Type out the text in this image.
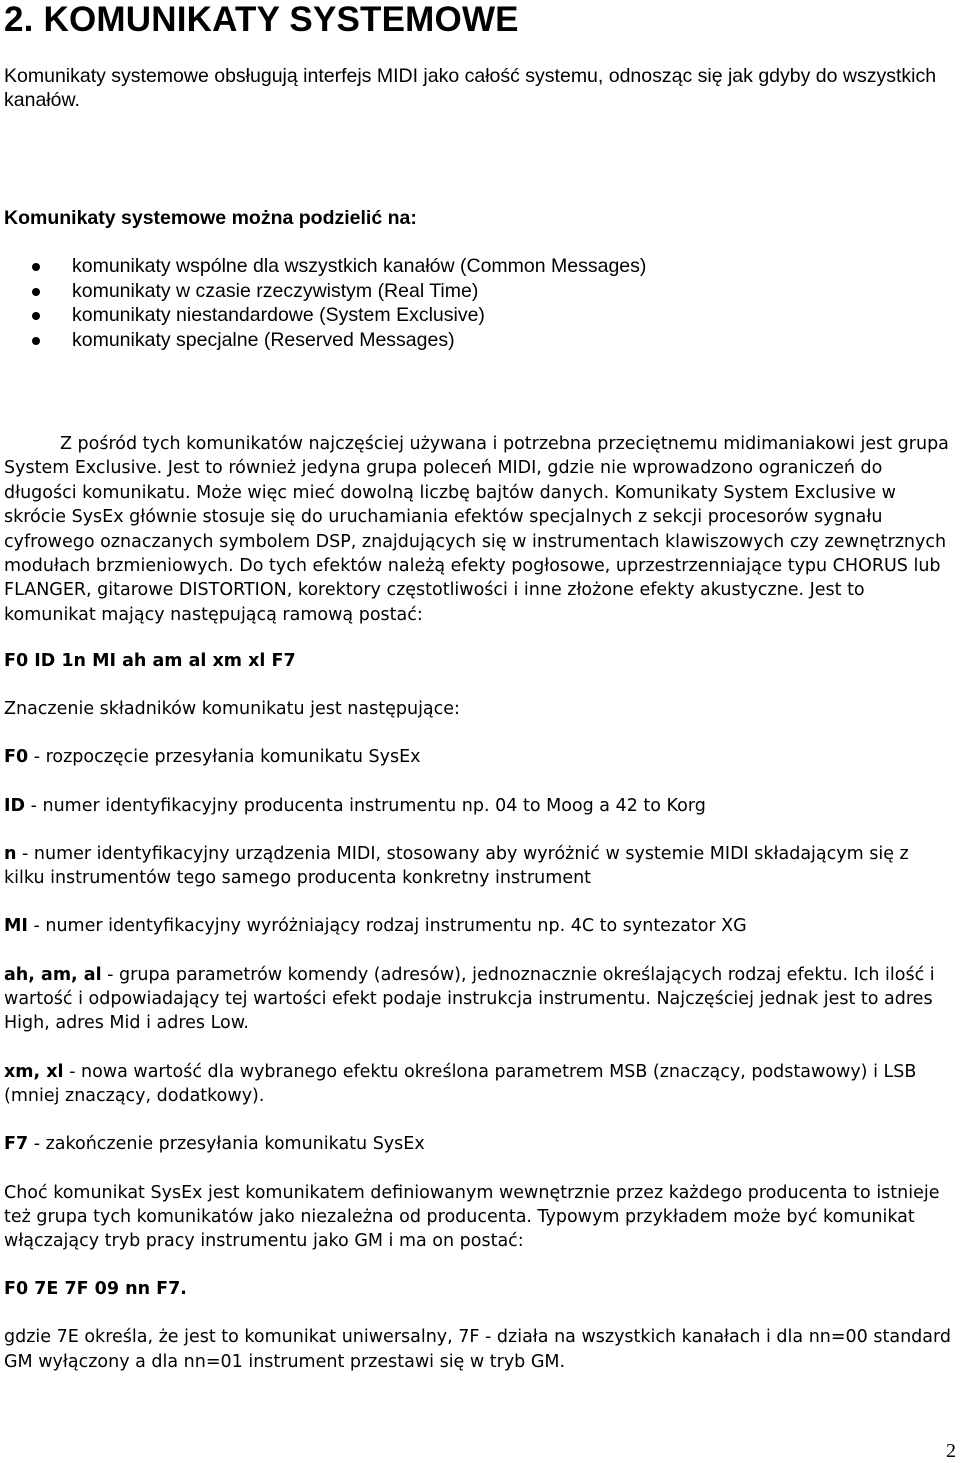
2. KOMUNIKATY SYSTEMOWE

Komunikaty systemowe obsługują interfejs MIDI jako całość systemu, odnosząc się jak gdyby do wszystkich kanałów.

Komunikaty systemowe można podzielić na:

komunikaty wspólne dla wszystkich kanałów (Common Messages)
komunikaty w czasie rzeczywistym (Real Time)
komunikaty niestandardowe (System Exclusive)
komunikaty specjalne (Reserved Messages)

Z pośród tych komunikatów najczęściej używana i potrzebna przeciętnemu midimaniakowi jest grupa System Exclusive. Jest to również jedyna grupa poleceń MIDI, gdzie nie wprowadzono ograniczeń do długości komunikatu. Może więc mieć dowolną liczbę bajtów danych. Komunikaty System Exclusive w skrócie SysEx głównie stosuje się do uruchamiania efektów specjalnych z sekcji procesorów sygnału cyfrowego oznaczanych symbolem DSP, znajdujących się w instrumentach klawiszowych czy zewnętrznych modułach brzmieniowych. Do tych efektów należą efekty pogłosowe, uprzestrzenniające typu CHORUS lub FLANGER, gitarowe DISTORTION, korektory częstotliwości i inne złożone efekty akustyczne. Jest to komunikat mający następującą ramową postać:

F0 ID 1n MI ah am al xm xl F7

Znaczenie składników komunikatu jest następujące:

F0 - rozpoczęcie przesyłania komunikatu SysEx

ID - numer identyfikacyjny producenta instrumentu np. 04 to Moog a 42 to Korg

n - numer identyfikacyjny urządzenia MIDI, stosowany aby wyróżnić w systemie MIDI składającym się z kilku instrumentów tego samego producenta konkretny instrument

MI - numer identyfikacyjny wyróżniający rodzaj instrumentu np. 4C to syntezator XG

ah, am, al - grupa parametrów komendy (adresów), jednoznacznie określających rodzaj efektu. Ich ilość i wartość i odpowiadający tej wartości efekt podaje instrukcja instrumentu. Najczęściej jednak jest to adres High, adres Mid i adres Low.

xm, xl - nowa wartość dla wybranego efektu określona parametrem MSB (znaczący, podstawowy) i LSB (mniej znaczący, dodatkowy).

F7 - zakończenie przesyłania komunikatu SysEx

Choć komunikat SysEx jest komunikatem definiowanym wewnętrznie przez każdego producenta to istnieje też grupa tych komunikatów jako niezależna od producenta. Typowym przykładem może być komunikat włączający tryb pracy instrumentu jako GM i ma on postać:

F0 7E 7F 09 nn F7.

gdzie 7E określa, że jest to komunikat uniwersalny, 7F - działa na wszystkich kanałach i dla nn=00 standard GM wyłączony a dla nn=01 instrument przestawi się w tryb GM.

2
